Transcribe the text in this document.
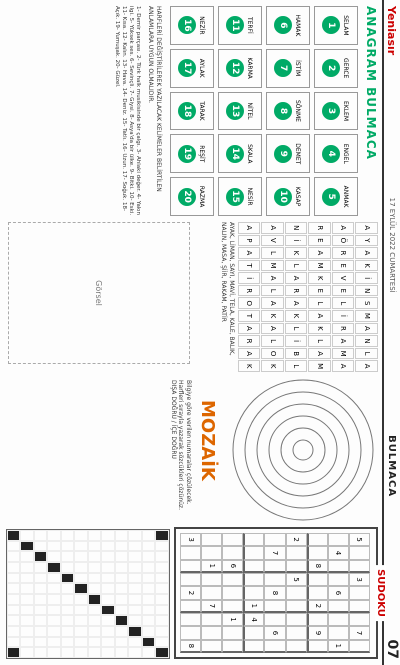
Yeniasır
17 EYLÜL 2022 CUMARTESİ
BULMACA
07
ANAGRAM BULMACA
SELAM
1
GERCE
2
EKLEM
3
ENGEL
4
ANMAK
5
HAMAK
6
İSTİM
7
SÖNME
8
DEMET
9
KASAP
10
TERFİ
11
KARMA
12
NİTEL
13
SKALA
14
NESİR
15
NEZİR
16
AYLAK
17
TARAK
18
REŞİT
19
RAZMA
20
HARFLERİ DEĞİŞTİRİLEREK YAZILACAK KELİMELER BELİRTİLEN ANLAMLARA UYGUN OLMALIDIR.
1- Demir parçası. 2- Türk halk musikisinde bir çalgı. 3- Ahlaki değer. 4- Yakın ilgi. 5- Yüksek ses. 6- Sevinçli. 7- Giysi. 8- Asya'da bir ülke. 9- Bitki. 10- Eski. 11- Kısa. 12- Kalın. 13- Hava. 14- Deniz. 15- Tatlı. 16- Uzun. 17- Soğuk. 18- Açık. 19- Yumuşak. 20- Güzel.
A
Y
A
K
İ
N
S
M
A
N
L
A
A
Ö
R
E
V
E
L
İ
R
A
M
A
R
E
A
M
K
E
L
A
K
L
A
M
N
İ
K
L
A
R
A
K
L
İ
B
L
A
V
L
M
A
L
A
K
A
L
O
K
A
P
A
T
İ
R
O
T
A
R
A
K
AYAK, LİMAN, SAYI, MAVİ, TELA, KALE, BALIK, NALIN, MASA, ŞİİR, RAKAM, PATİR
MOZAİK
Bilgiye göre verilen numaralar çözülecek. Harfleri sırayla yazarak sözcükleri çözünüz. DIŞA DOĞRU / İÇE DOĞRU
Görsel
SUDOKU
5
3
7
4
6
1
8
2
9
2
5
7
8
6
1
4
6
1
1
7
3
2
8
